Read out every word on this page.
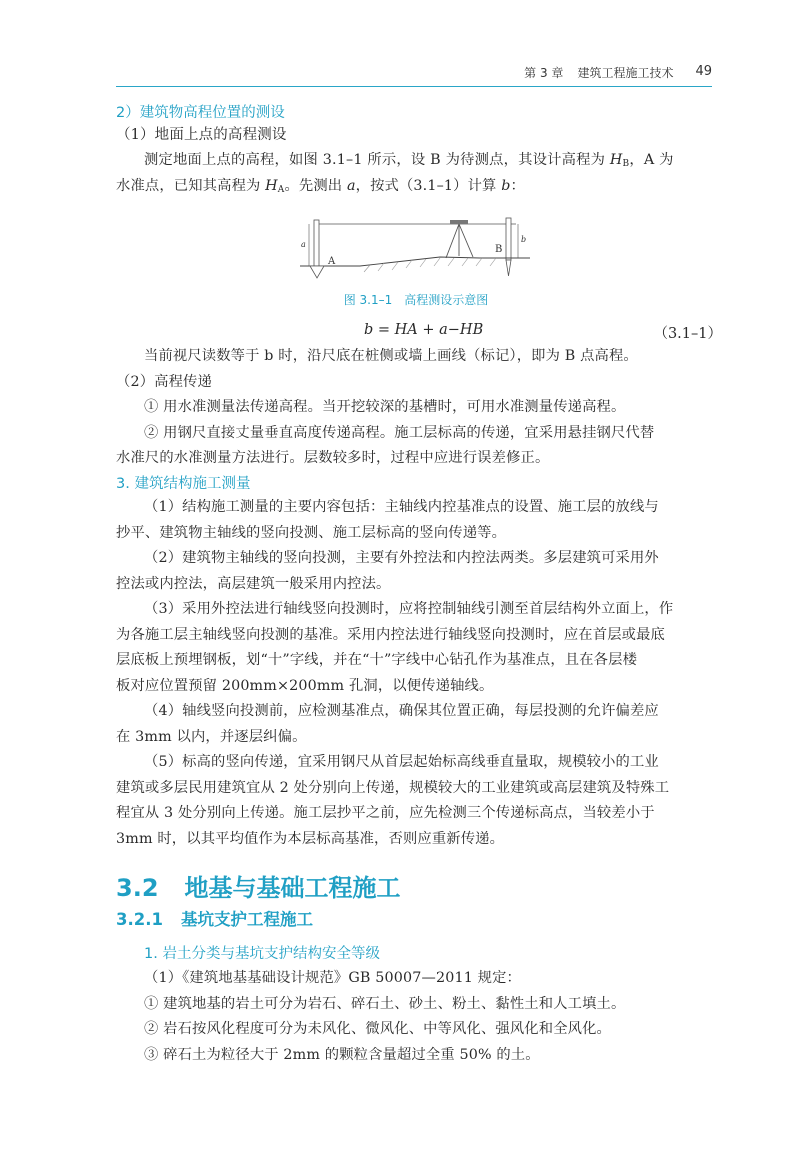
第 3 章 建筑工程施工技术 49
2）建筑物高程位置的测设
（1）地面上点的高程测设
测定地面上点的高程，如图 3.1–1 所示，设 B 为待测点，其设计高程为 $H_B$，A 为
水准点，已知其高程为 $H_A$。先测出 a，按式（3.1–1）计算 b：
a
b
A
B
图 3.1–1　高程测设示意图
b = HA + a−HB	（3.1–1）
当前视尺读数等于 b 时，沿尺底在桩侧或墙上画线（标记），即为 B 点高程。
（2）高程传递
① 用水准测量法传递高程。当开挖较深的基槽时，可用水准测量传递高程。
② 用钢尺直接丈量垂直高度传递高程。施工层标高的传递，宜采用悬挂钢尺代替
水准尺的水准测量方法进行。层数较多时，过程中应进行误差修正。
3. 建筑结构施工测量
（1）结构施工测量的主要内容包括：主轴线内控基准点的设置、施工层的放线与
抄平、建筑物主轴线的竖向投测、施工层标高的竖向传递等。
（2）建筑物主轴线的竖向投测，主要有外控法和内控法两类。多层建筑可采用外
控法或内控法，高层建筑一般采用内控法。
（3）采用外控法进行轴线竖向投测时，应将控制轴线引测至首层结构外立面上，作
为各施工层主轴线竖向投测的基准。采用内控法进行轴线竖向投测时，应在首层或最底
层底板上预埋钢板，划“十”字线，并在“十”字线中心钻孔作为基准点，且在各层楼
板对应位置预留 200mm×200mm 孔洞，以便传递轴线。
（4）轴线竖向投测前，应检测基准点，确保其位置正确，每层投测的允许偏差应
在 3mm 以内，并逐层纠偏。
（5）标高的竖向传递，宜采用钢尺从首层起始标高线垂直量取，规模较小的工业
建筑或多层民用建筑宜从 2 处分别向上传递，规模较大的工业建筑或高层建筑及特殊工
程宜从 3 处分别向上传递。施工层抄平之前，应先检测三个传递标高点，当较差小于
3mm 时，以其平均值作为本层标高基准，否则应重新传递。
3.2 地基与基础工程施工
3.2.1 基坑支护工程施工
1. 岩土分类与基坑支护结构安全等级
（1）《建筑地基基础设计规范》GB 50007—2011 规定：
① 建筑地基的岩土可分为岩石、碎石土、砂土、粉土、黏性土和人工填土。
② 岩石按风化程度可分为未风化、微风化、中等风化、强风化和全风化。
③ 碎石土为粒径大于 2mm 的颗粒含量超过全重 50% 的土。
